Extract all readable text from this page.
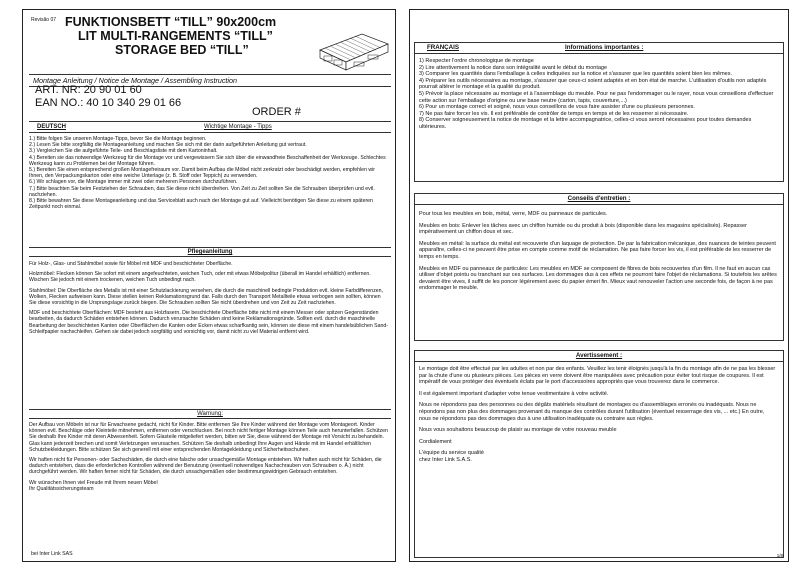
Revisão 07 FUNKTIONSBETT “TILL” 90x200cm
LIT MULTI-RANGEMENTS “TILL”
STORAGE BED “TILL”
Montage Anleitung / Notice de Montage / Assembling Instruction
ART. NR: 20 90 01 60
EAN NO.: 40 10 340 29 01 66
ORDER #
DEUTSCH	Wichtige Montage - Tipps
1.) Bitte folgen Sie unseren Montage-Tipps, bevor Sie die Montage beginnen.
2.) Lesen Sie bitte sorgfältig die Montageanleitung und machen Sie sich mit der darin aufgeführten Anleitung gut vertraut.
3.) Vergleichen Sie die aufgeführte Teile- und Beschlagsliste mit dem Kartoninhalt.
4.) Bereiten sie das notwendige Werkzeug für die Montage vor und vergewissern Sie sich über die einwandfreie Beschaffenheit der Werkzeuge. Schlechtes Werkzeug kann zu Problemen bei der Montage führen.
5.) Bereiten Sie einen entsprechend großen Montagefreiraum vor. Damit beim Aufbau die Möbel nicht zerkratzt oder beschädigt werden, empfehlen wir Ihnen, den Verpackungskarton oder eine weiche Unterlage (z. B. Stoff oder Teppich) zu verwenden.
6.) Wir schlagen vor, die Montage immer mit zwei oder mehreren Personen durchzuführen.
7.) Bitte beachten Sie beim Festziehen der Schrauben, das Sie diese nicht überdrehen. Von Zeit zu Zeit sollten Sie die Schrauben überprüfen und evtl. nachziehen.
8.) Bitte bewahren Sie diese Montageanleitung und das Serviceblatt auch nach der Montage gut auf. Vielleicht benötigen Sie diese zu einem späteren Zeitpunkt noch einmal.
Pflegeanleitung
Für Holz-, Glas- und Stahlmöbel sowie für Möbel mit MDF und beschichteter Oberfläche.
Holzmöbel: Flecken können Sie sofort mit einem angefeuchteten, weichen Tuch, oder mit etwas Möbelpolitur (überall im Handel erhältlich) entfernen. Wischen Sie jedoch mit einem trockenen, weichen Tuch unbedingt nach.
Stahlmöbel: Die Oberfläche des Metalls ist mit einer Schutzlackierung versehen, die durch die maschinell bedingte Produktion evtl. kleine Farbdifferenzen, Wolken, Flecken aufweisen kann. Diese stellen keinen Reklamationsgrund dar. Falls durch den Transport Metallteile etwas verbogen sein sollten, können Sie diese vorsichtig in die Ursprungslage zurück biegen. Die Schrauben sollten Sie nicht überdrehen und von Zeit zu Zeit nachziehen.
MDF und beschichtete Oberflächen: MDF besteht aus Holzfasern. Die beschichtete Oberfläche bitte nicht mit einem Messer oder spitzen Gegenständen bearbeiten, da dadurch Schäden entstehen können. Dadurch verursachte Schäden sind keine Reklamationsgründe. Sollten evtl. durch die maschinelle Bearbeitung der beschichteten Kanten oder Oberflächen die Kanten oder Ecken etwas scharfkantig sein, können sie diese mit einem handelsüblichen Sand-Schleifpapier nachschleifen. Gehen sie dabei jedoch sorgfältig und vorsichtig vor, damit nicht zu viel Material entfernt wird.
Warnung:
Der Aufbau von Möbeln ist nur für Erwachsene gedacht, nicht für Kinder. Bitte entfernen Sie Ihre Kinder während der Montage vom Montageort. Kinder können evtl. Beschläge oder Kleinteile mitnehmen, entfernen oder verschlucken. Bei noch nicht fertiger Montage können Teile auch herunterfallen. Schützen Sie deshalb Ihre Kinder mit deren Abwesenheit. Sofern Glasteile mitgeliefert werden, bitten wir Sie, diese während der Montage mit Vorsicht zu behandeln. Glas kann jederzeit brechen und somit Verletzungen verursachen. Schützen Sie deshalb unbedingt Ihre Augen und Hände mit im Handel erhältlichen Schutzbekleidungen. Bitte schützen Sie sich generell mit einer entsprechenden Montagekleidung und Sicherheitsschuhen.
Wir haften nicht für Personen- oder Sachschäden, die durch eine falsche oder unsachgemäße Montage entstehen. Wir haften auch nicht für Schäden, die dadurch entstehen, dass die erforderlichen Kontrollen während der Benutzung (eventuell notwendiges Nachschrauben von Schrauben o. Ä.) nicht durchgeführt werden. Wir haften ferner nicht für Schäden, die durch unsachgemäßen oder bestimmungswidrigen Gebrauch entstehen.
Wir wünschen Ihnen viel Freude mit Ihrem neuen Möbel
Ihr Qualitätssicherungsteam
bei Inter Link SAS
FRANÇAIS	Informations importantes :
1) Respecter l'ordre chronologique de montage
2) Lire attentivement la notice dans son intégralité avant le début du montage
3) Comparer les quantités dans l'emballage à celles indiquées sur la notice et s'assurer que les quantités soient bien les mêmes.
4) Préparer les outils nécessaires au montage, s'assurer que ceux-ci soient adaptés et en bon état de marche. L'utilisation d'outils non adaptés pourrait altérer le montage et la qualité du produit.
5) Prévoir la place nécessaire au montage et à l'assemblage du meuble. Pour ne pas l'endommager ou le rayer, nous vous conseillons d'effectuer cette action sur l'emballage d'origine ou une base neutre (carton, tapis, couverture,...)
6) Pour un montage correct et soigné, nous vous conseillons de vous faire assister d'une ou plusieurs personnes.
7) Ne pas faire forcer les vis. Il est préférable de contrôler de temps en temps et de les resserrer si nécessaire.
8) Conserver soigneusement la notice de montage et la lettre accompagnatrice, celles-ci vous seront nécessaires pour toutes demandes ultérieures.
Conseils d'entretien :
Pour tous les meubles en bois, métal, verre, MDF ou panneaux de particules.
Meubles en bois: Enlever les tâches avec un chiffon humide ou du produit à bois (disponible dans les magasins spécialisés). Repasser impérativement un chiffon doux et sec.
Meubles en métal: la surface du métal est recouverte d'un laquage de protection. De par la fabrication mécanique, des nuances de teintes peuvent apparaître, celles-ci ne peuvent être prise en compte comme motif de réclamation. Ne pas faire forcer les vis, il est préférable de les resserrer de temps en temps.
Meubles en MDF ou panneaux de particules: Les meubles en MDF se composent de fibres de bois recouvertes d'un film. Il ne faut en aucun cas utiliser d'objet pointu ou tranchant sur ces surfaces. Les dommages dus à ces effets ne pourront faire l'objet de réclamations. Si toutefois les arêtes devaient être vives, il suffit de les poncer légèrement avec du papier émeri fin. Mieux vaut renouveler l'action une seconde fois, de façon à ne pas endommager le meuble.
Avertissement :
Le montage doit être effectué par les adultes et non par des enfants. Veuillez les tenir éloignés jusqu'à la fin du montage afin de ne pas les blesser par la chute d'une ou plusieurs pièces. Les pièces en verre doivent être manipulées avec précaution pour éviter tout risque de coupures. Il est impératif de vous protéger des éventuels éclats par le port d'accessoires appropriés que vous trouverez dans le commerce.
Il est également important d'adapter votre tenue vestimentaire à votre activité.
Nous ne répondons pas des personnes ou des dégâts matériels résultant de montages ou d'assemblages erronés ou inadéquats. Nous ne répondons pas non plus des dommages provenant du manque des contrôles durant l'utilisation (éventuel resserrage des vis, ... etc.) En outre, nous ne répondons pas des dommages dus à une utilisation inadéquate ou contraire aux règles.
Nous vous souhaitons beaucoup de plaisir au montage de votre nouveau meuble
Cordialement
L'équipe du service qualité
chez Inter Link S.A.S.
1/8
